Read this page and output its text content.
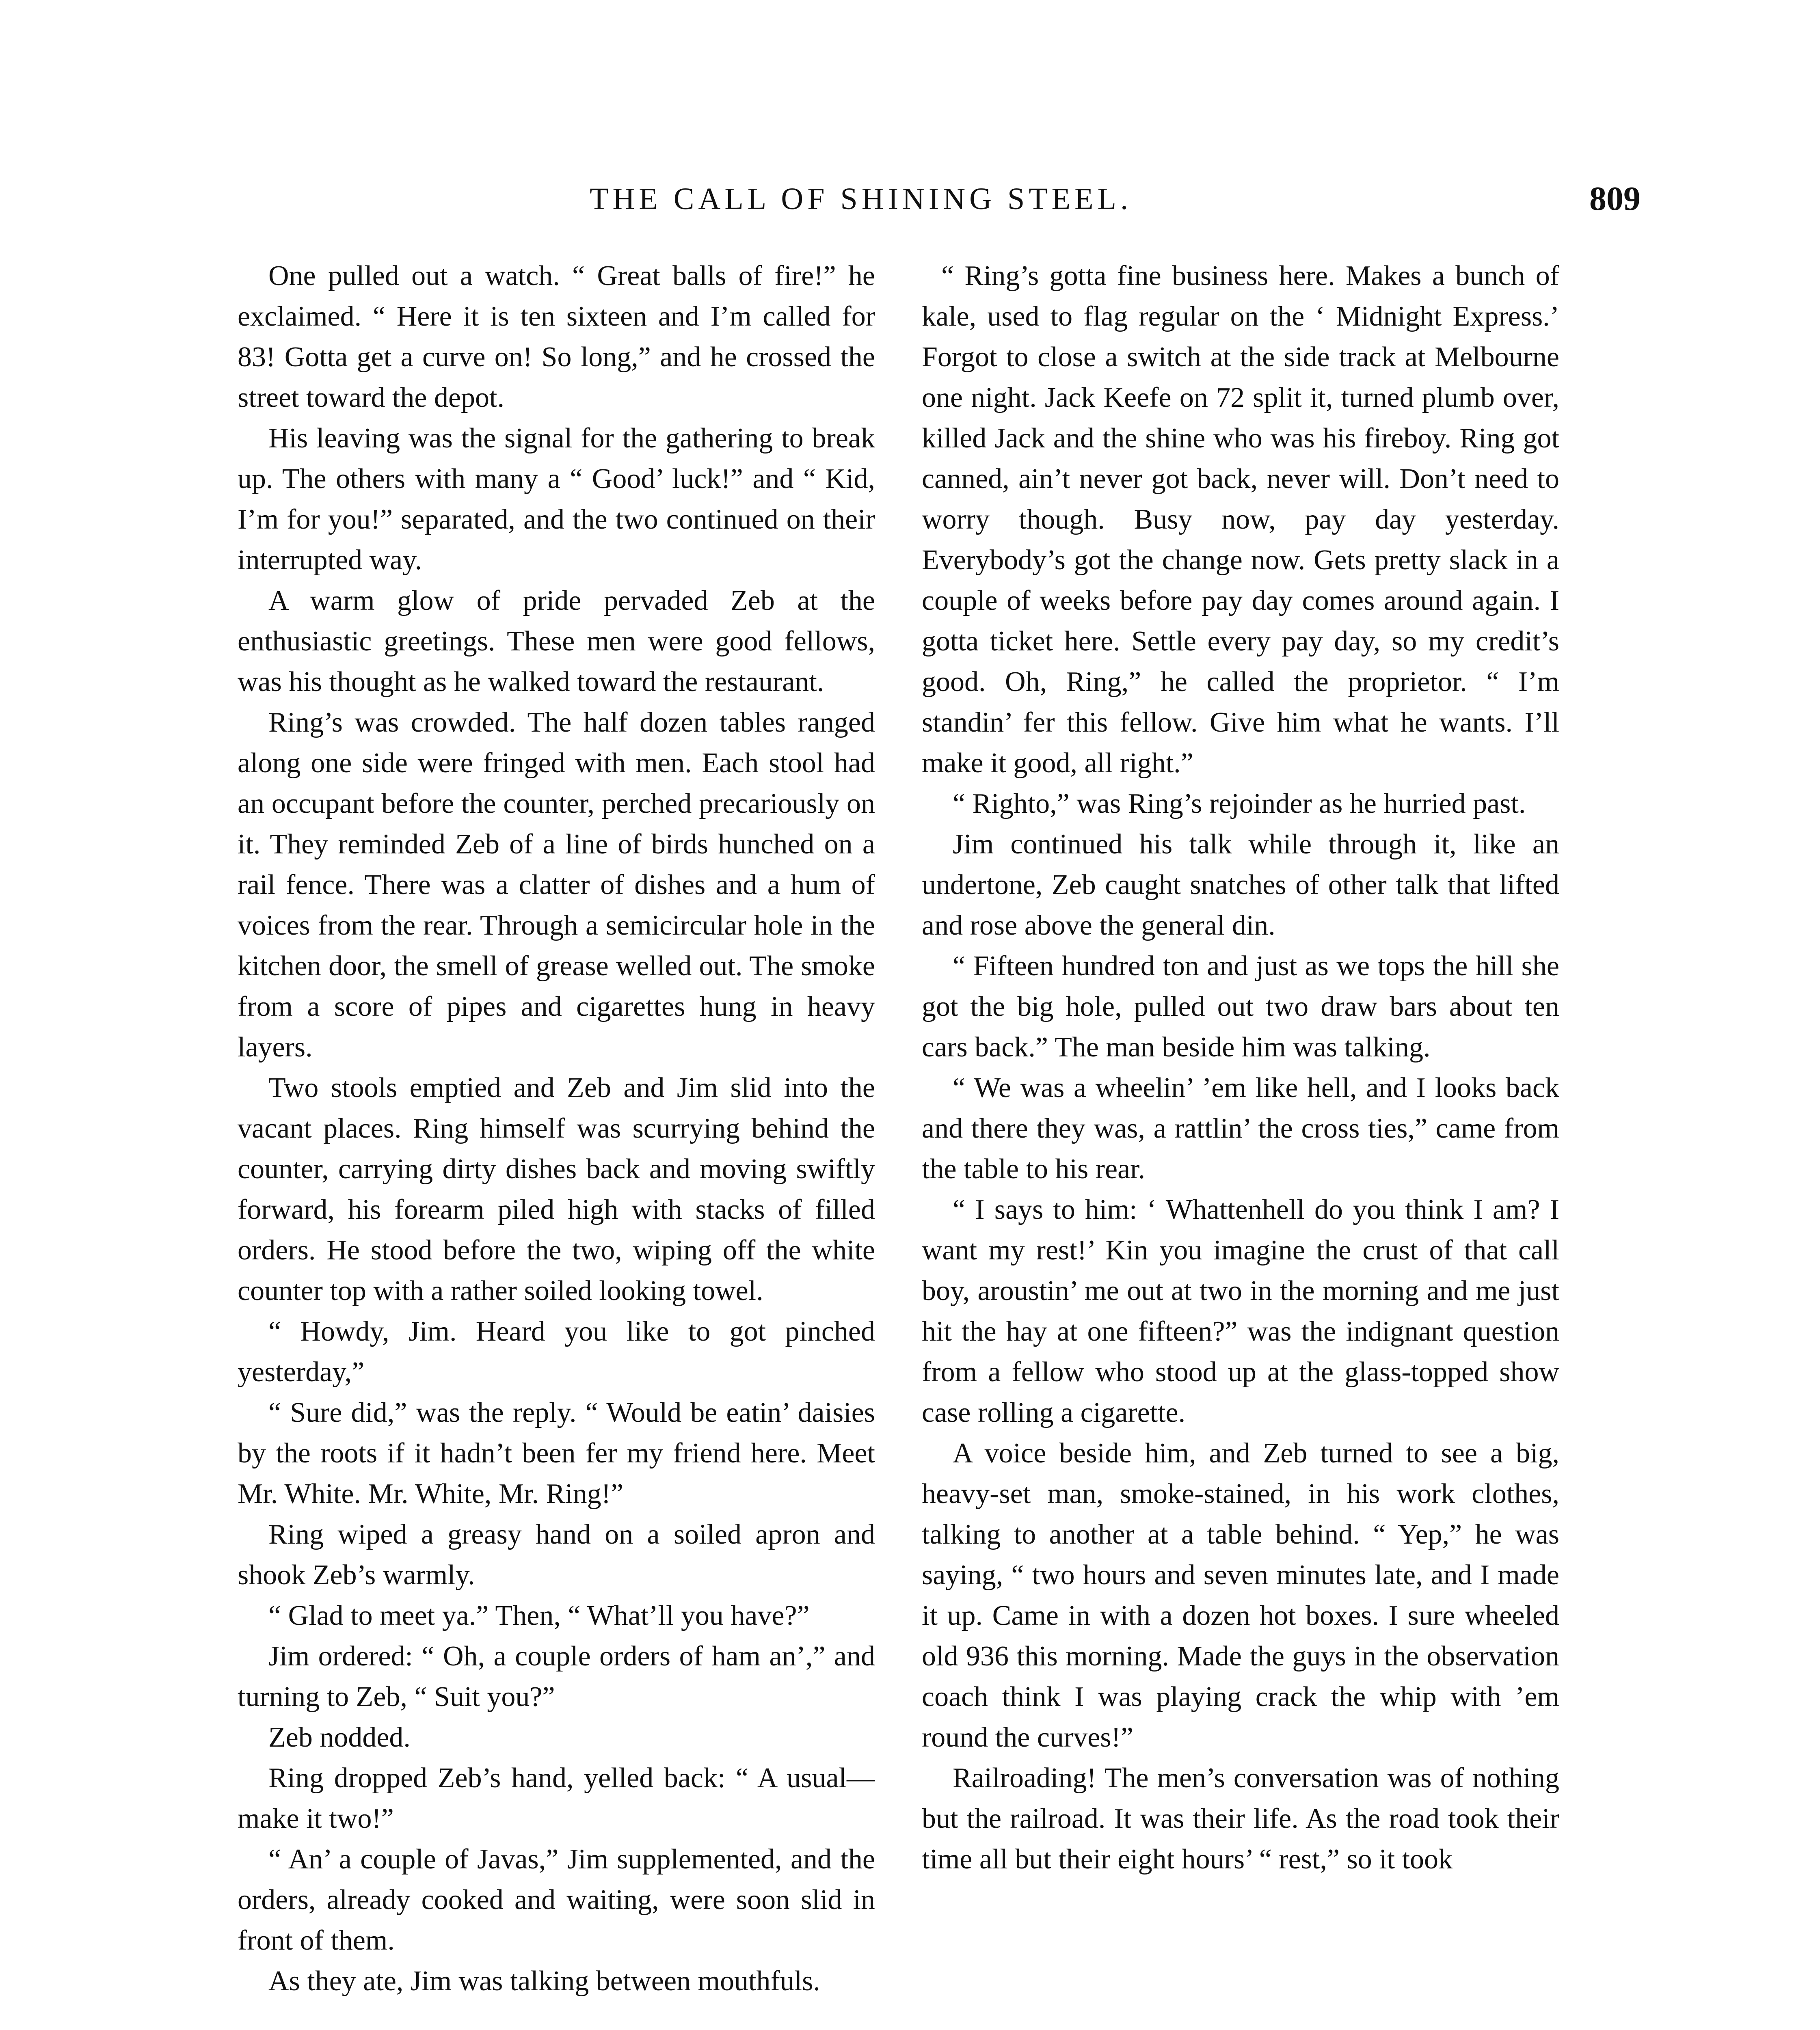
THE CALL OF SHINING STEEL.	809

One pulled out a watch. “ Great balls of fire!” he exclaimed. “ Here it is ten sixteen and I’m called for 83! Gotta get a curve on! So long,” and he crossed the street toward the depot.

His leaving was the signal for the gathering to break up. The others with many a “ Good’ luck!” and “ Kid, I’m for you!” separated, and the two continued on their interrupted way.

A warm glow of pride pervaded Zeb at the enthusiastic greetings. These men were good fellows, was his thought as he walked toward the restaurant.

Ring’s was crowded. The half dozen tables ranged along one side were fringed with men. Each stool had an occupant before the counter, perched precariously on it. They reminded Zeb of a line of birds hunched on a rail fence. There was a clatter of dishes and a hum of voices from the rear. Through a semicircular hole in the kitchen door, the smell of grease welled out. The smoke from a score of pipes and cigarettes hung in heavy layers.

Two stools emptied and Zeb and Jim slid into the vacant places. Ring himself was scurrying behind the counter, carrying dirty dishes back and moving swiftly forward, his forearm piled high with stacks of filled orders. He stood before the two, wiping off the white counter top with a rather soiled looking towel.

“ Howdy, Jim. Heard you like to got pinched yesterday,”

“ Sure did,” was the reply. “ Would be eatin’ daisies by the roots if it hadn’t been fer my friend here. Meet Mr. White. Mr. White, Mr. Ring!”

Ring wiped a greasy hand on a soiled apron and shook Zeb’s warmly.

“ Glad to meet ya.” Then, “ What’ll you have?”

Jim ordered: “ Oh, a couple orders of ham an’,” and turning to Zeb, “ Suit you?”

Zeb nodded.

Ring dropped Zeb’s hand, yelled back: “ A usual—make it two!”

“ An’ a couple of Javas,” Jim supplemented, and the orders, already cooked and waiting, were soon slid in front of them.

As they ate, Jim was talking between mouthfuls.

“ Ring’s gotta fine business here. Makes a bunch of kale, used to flag regular on the ‘ Midnight Express.’ Forgot to close a switch at the side track at Melbourne one night. Jack Keefe on 72 split it, turned plumb over, killed Jack and the shine who was his fireboy. Ring got canned, ain’t never got back, never will. Don’t need to worry though. Busy now, pay day yesterday. Everybody’s got the change now. Gets pretty slack in a couple of weeks before pay day comes around again. I gotta ticket here. Settle every pay day, so my credit’s good. Oh, Ring,” he called the proprietor. “ I’m standin’ fer this fellow. Give him what he wants. I’ll make it good, all right.”

“ Righto,” was Ring’s rejoinder as he hurried past.

Jim continued his talk while through it, like an undertone, Zeb caught snatches of other talk that lifted and rose above the general din.

“ Fifteen hundred ton and just as we tops the hill she got the big hole, pulled out two draw bars about ten cars back.” The man beside him was talking.

“ We was a wheelin’ ’em like hell, and I looks back and there they was, a rattlin’ the cross ties,” came from the table to his rear.

“ I says to him: ‘ Whattenhell do you think I am? I want my rest!’ Kin you imagine the crust of that call boy, aroustin’ me out at two in the morning and me just hit the hay at one fifteen?” was the indignant question from a fellow who stood up at the glass-topped show case rolling a cigarette.

A voice beside him, and Zeb turned to see a big, heavy-set man, smoke-stained, in his work clothes, talking to another at a table behind. “ Yep,” he was saying, “ two hours and seven minutes late, and I made it up. Came in with a dozen hot boxes. I sure wheeled old 936 this morning. Made the guys in the observation coach think I was playing crack the whip with ’em round the curves!”

Railroading! The men’s conversation was of nothing but the railroad. It was their life. As the road took their time all but their eight hours’ “ rest,” so it took
